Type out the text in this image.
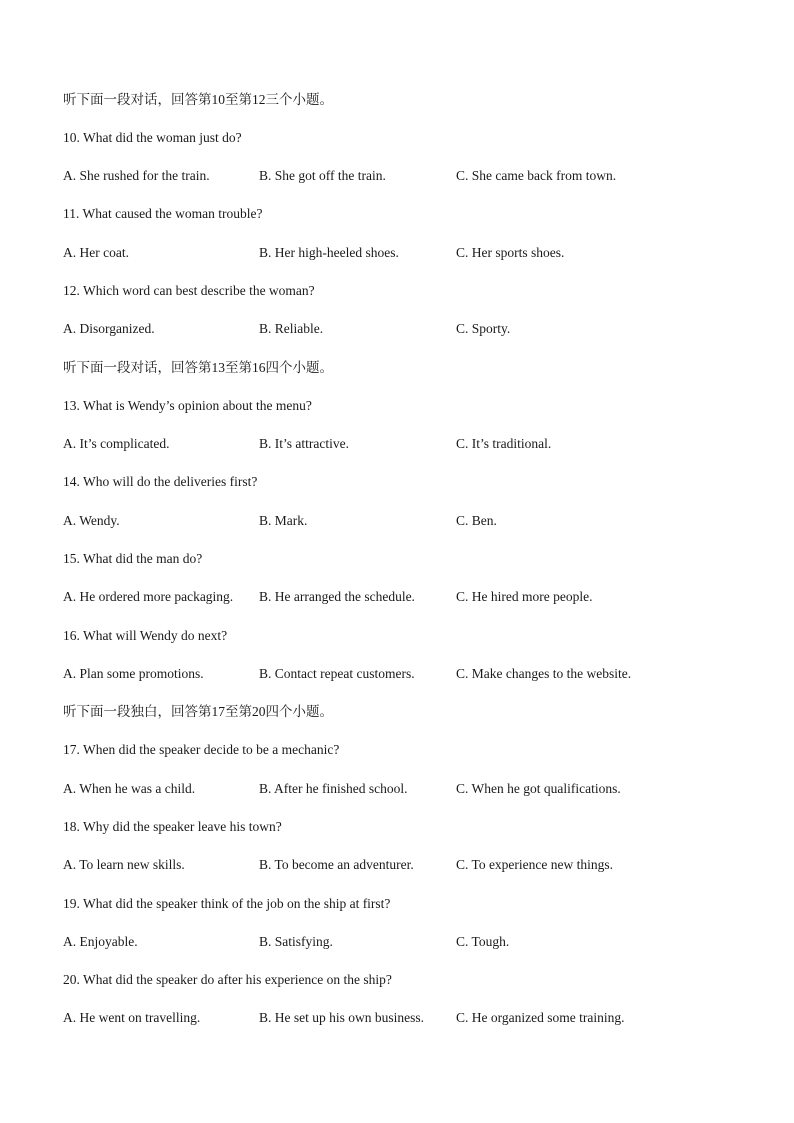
听下面一段对话，回答第10至第12三个小题。
10. What did the woman just do?
A. She rushed for the train.	B. She got off the train.	C. She came back from town.
11. What caused the woman trouble?
A. Her coat.	B. Her high-heeled shoes.	C. Her sports shoes.
12. Which word can best describe the woman?
A. Disorganized.	B. Reliable.	C. Sporty.
听下面一段对话，回答第13至第16四个小题。
13. What is Wendy’s opinion about the menu?
A. It’s complicated.	B. It’s attractive.	C. It’s traditional.
14. Who will do the deliveries first?
A. Wendy.	B. Mark.	C. Ben.
15. What did the man do?
A. He ordered more packaging. B. He arranged the schedule.	C. He hired more people.
16. What will Wendy do next?
A. Plan some promotions.	B. Contact repeat customers.	C. Make changes to the website.
听下面一段独白，回答第17至第20四个小题。
17. When did the speaker decide to be a mechanic?
A. When he was a child.	B. After he finished school.	C. When he got qualifications.
18. Why did the speaker leave his town?
A. To learn new skills.	B. To become an adventurer.	C. To experience new things.
19. What did the speaker think of the job on the ship at first?
A. Enjoyable.	B. Satisfying.	C. Tough.
20. What did the speaker do after his experience on the ship?
A. He went on travelling.	B. He set up his own business. C. He organized some training.
